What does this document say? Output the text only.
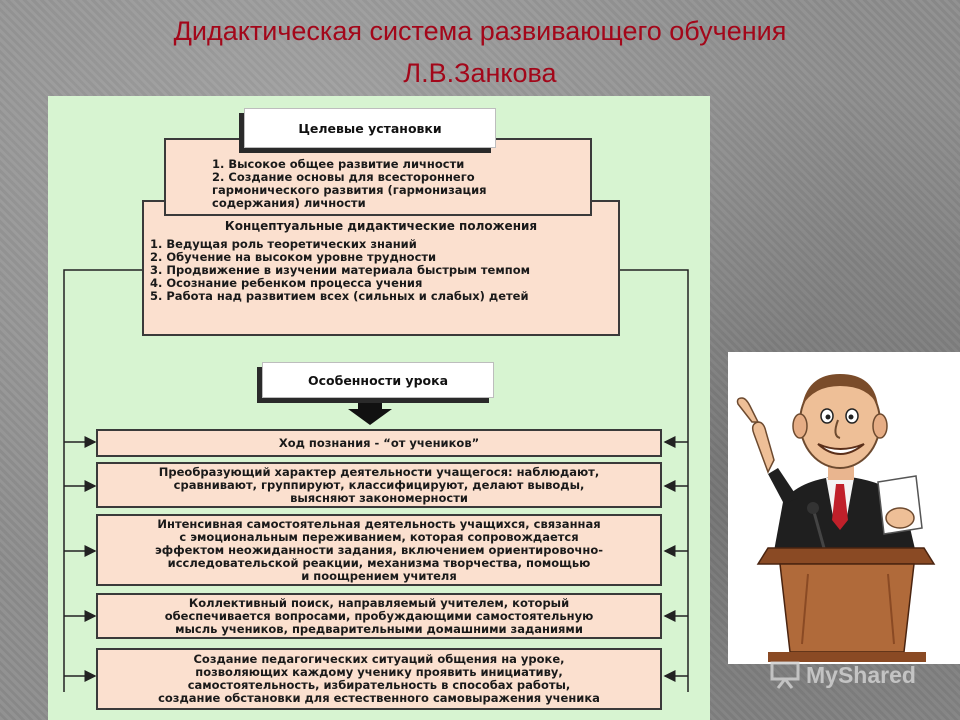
Дидактическая система развивающего обучения
Л.В.Занкова
Концептуальные дидактические положения
1. Ведущая роль теоретических знаний
2. Обучение на высоком уровне трудности
3. Продвижение в изучении материала быстрым темпом
4. Осознание ребенком процесса учения
5. Работа над развитием всех (сильных и слабых) детей
1. Высокое общее развитие личности
2. Создание основы для всестороннего
гармонического развития (гармонизация
содержания) личности
Целевые установки
Особенности урока
Ход познания - “от учеников”
Преобразующий характер деятельности учащегося: наблюдают,
сравнивают, группируют, классифицируют, делают выводы,
выясняют закономерности
Интенсивная самостоятельная деятельность учащихся, связанная
с эмоциональным переживанием, которая сопровождается
эффектом неожиданности задания, включением ориентировочно-
исследовательской реакции, механизма творчества, помощью
и поощрением учителя
Коллективный поиск, направляемый учителем, который
обеспечивается вопросами, пробуждающими самостоятельную
мысль учеников, предварительными домашними заданиями
Создание педагогических ситуаций общения на уроке,
позволяющих каждому ученику проявить инициативу,
самостоятельность, избирательность в способах работы,
создание обстановки для естественного самовыражения ученика
MyShared
